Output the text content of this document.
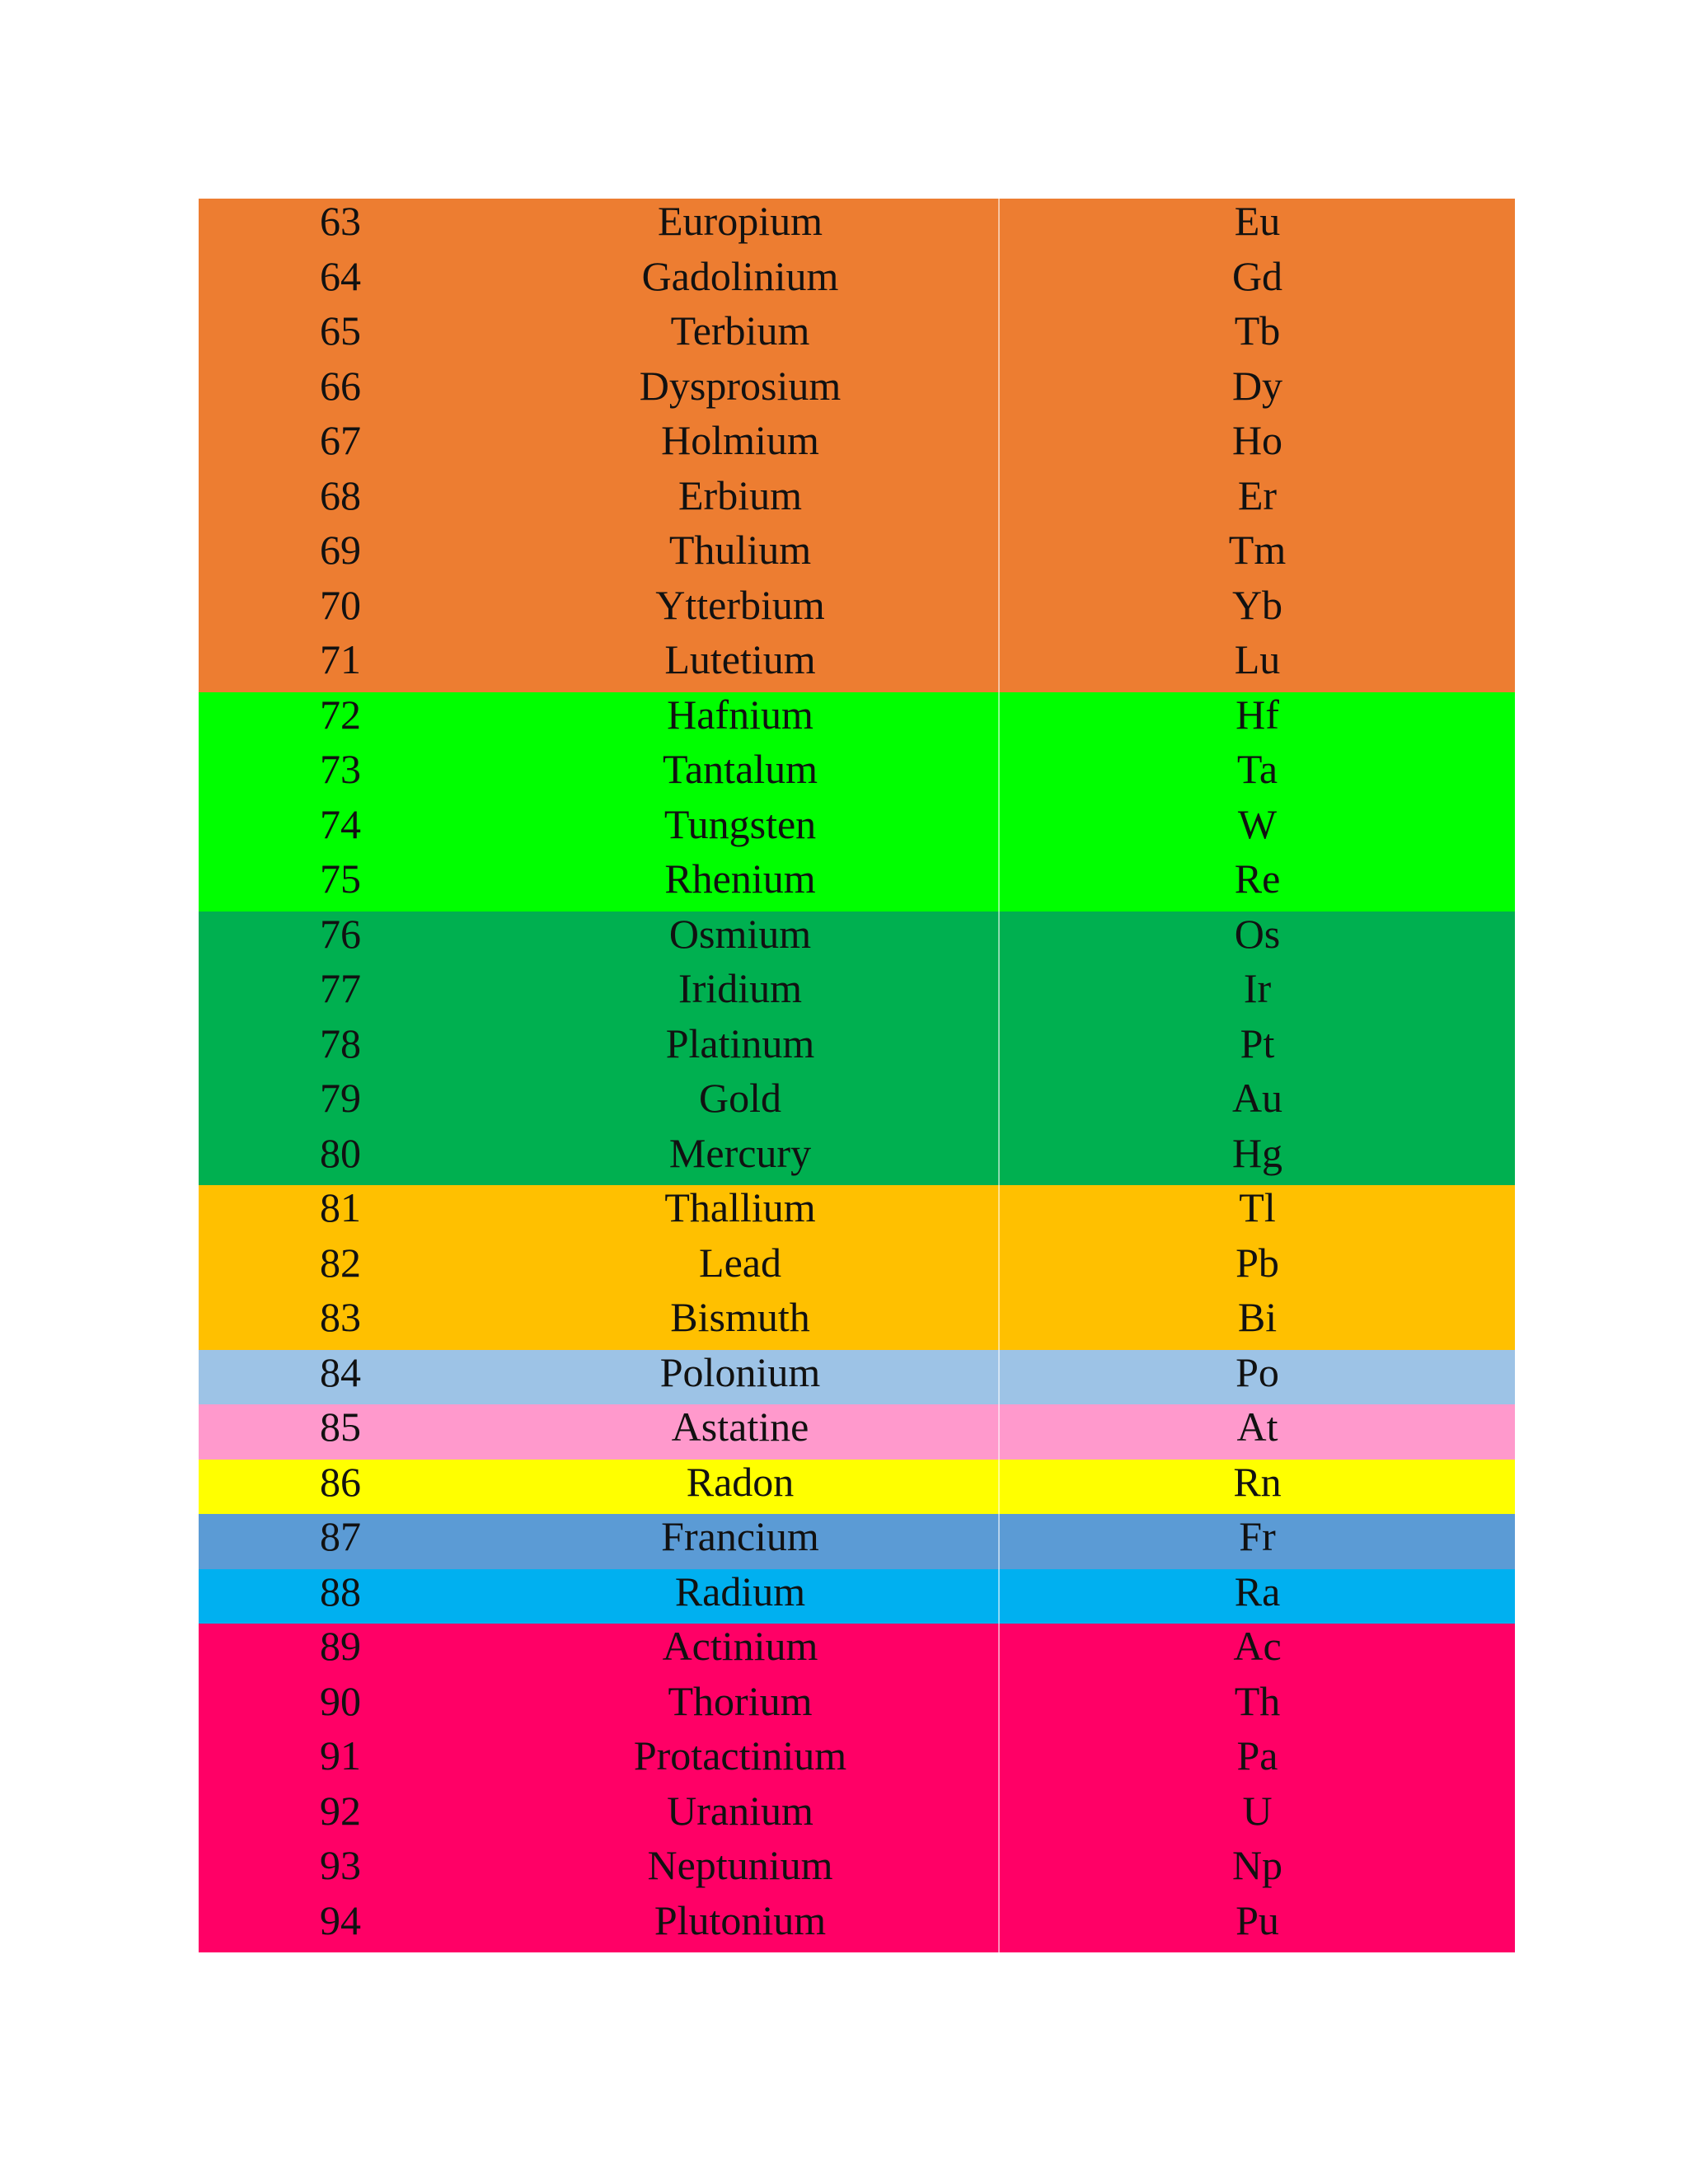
63	Europium	Eu
64	Gadolinium	Gd
65	Terbium	Tb
66	Dysprosium	Dy
67	Holmium	Ho
68	Erbium	Er
69	Thulium	Tm
70	Ytterbium	Yb
71	Lutetium	Lu
72	Hafnium	Hf
73	Tantalum	Ta
74	Tungsten	W
75	Rhenium	Re
76	Osmium	Os
77	Iridium	Ir
78	Platinum	Pt
79	Gold	Au
80	Mercury	Hg
81	Thallium	Tl
82	Lead	Pb
83	Bismuth	Bi
84	Polonium	Po
85	Astatine	At
86	Radon	Rn
87	Francium	Fr
88	Radium	Ra
89	Actinium	Ac
90	Thorium	Th
91	Protactinium	Pa
92	Uranium	U
93	Neptunium	Np
94	Plutonium	Pu
